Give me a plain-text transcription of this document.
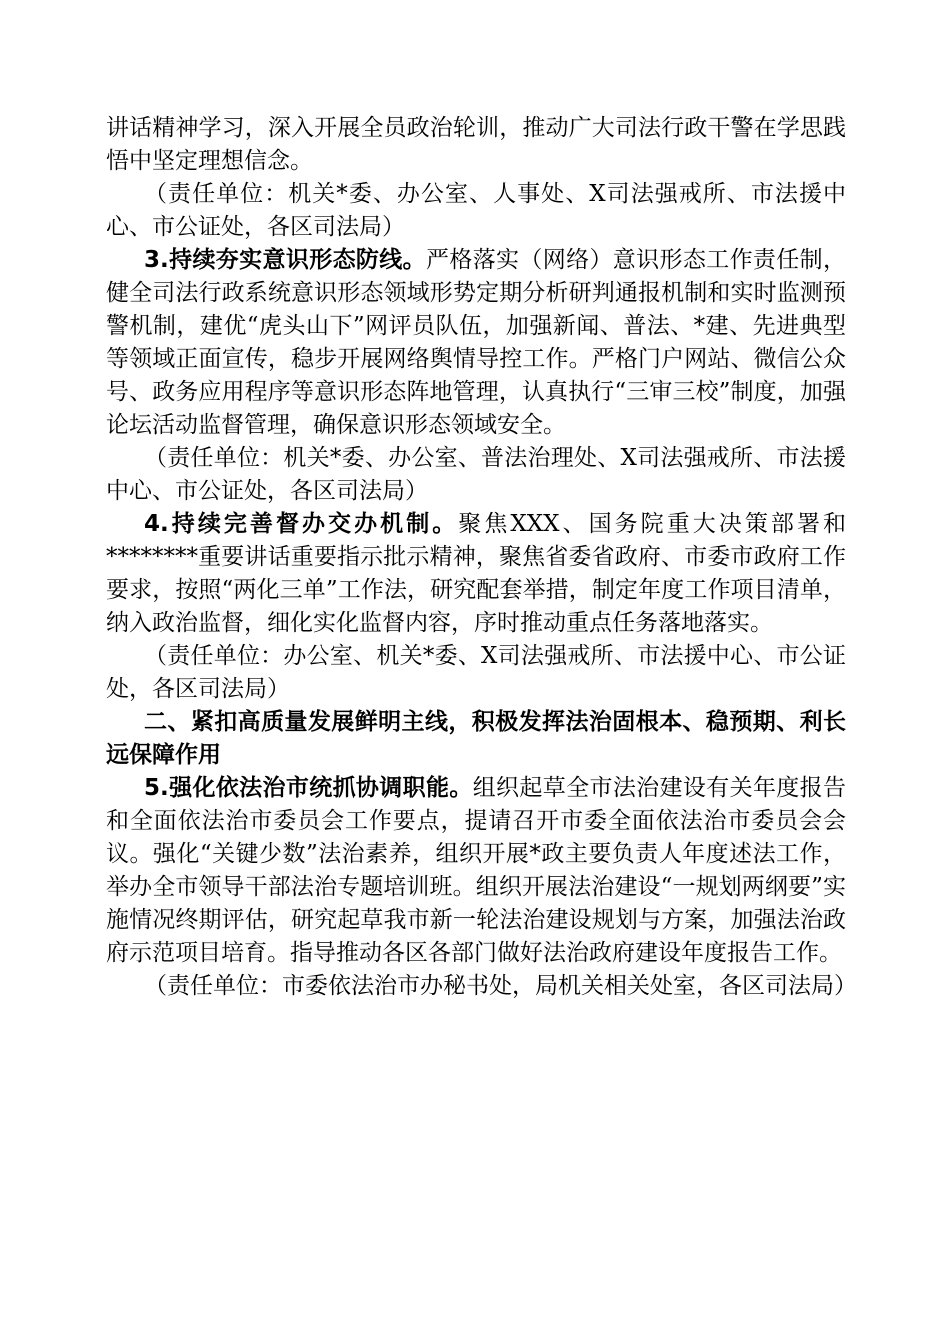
讲话精神学习，深入开展全员政治轮训，推动广大司法行政干警在学思践悟中坚定理想信念。

（责任单位：机关*委、办公室、人事处、X司法强戒所、市法援中心、市公证处，各区司法局）

3.持续夯实意识形态防线。严格落实（网络）意识形态工作责任制，健全司法行政系统意识形态领域形势定期分析研判通报机制和实时监测预警机制，建优“虎头山下”网评员队伍，加强新闻、普法、*建、先进典型等领域正面宣传，稳步开展网络舆情导控工作。严格门户网站、微信公众号、政务应用程序等意识形态阵地管理，认真执行“三审三校”制度，加强论坛活动监督管理，确保意识形态领域安全。

（责任单位：机关*委、办公室、普法治理处、X司法强戒所、市法援中心、市公证处，各区司法局）

4.持续完善督办交办机制。聚焦XXX、国务院重大决策部署和********重要讲话重要指示批示精神，聚焦省委省政府、市委市政府工作要求，按照“两化三单”工作法，研究配套举措，制定年度工作项目清单，纳入政治监督，细化实化监督内容，序时推动重点任务落地落实。

（责任单位：办公室、机关*委、X司法强戒所、市法援中心、市公证处，各区司法局）

二、紧扣高质量发展鲜明主线，积极发挥法治固根本、稳预期、利长远保障作用

5.强化依法治市统抓协调职能。组织起草全市法治建设有关年度报告和全面依法治市委员会工作要点，提请召开市委全面依法治市委员会会议。强化“关键少数”法治素养，组织开展*政主要负责人年度述法工作，举办全市领导干部法治专题培训班。组织开展法治建设“一规划两纲要”实施情况终期评估，研究起草我市新一轮法治建设规划与方案，加强法治政府示范项目培育。指导推动各区各部门做好法治政府建设年度报告工作。

（责任单位：市委依法治市办秘书处，局机关相关处室，各区司法局）
